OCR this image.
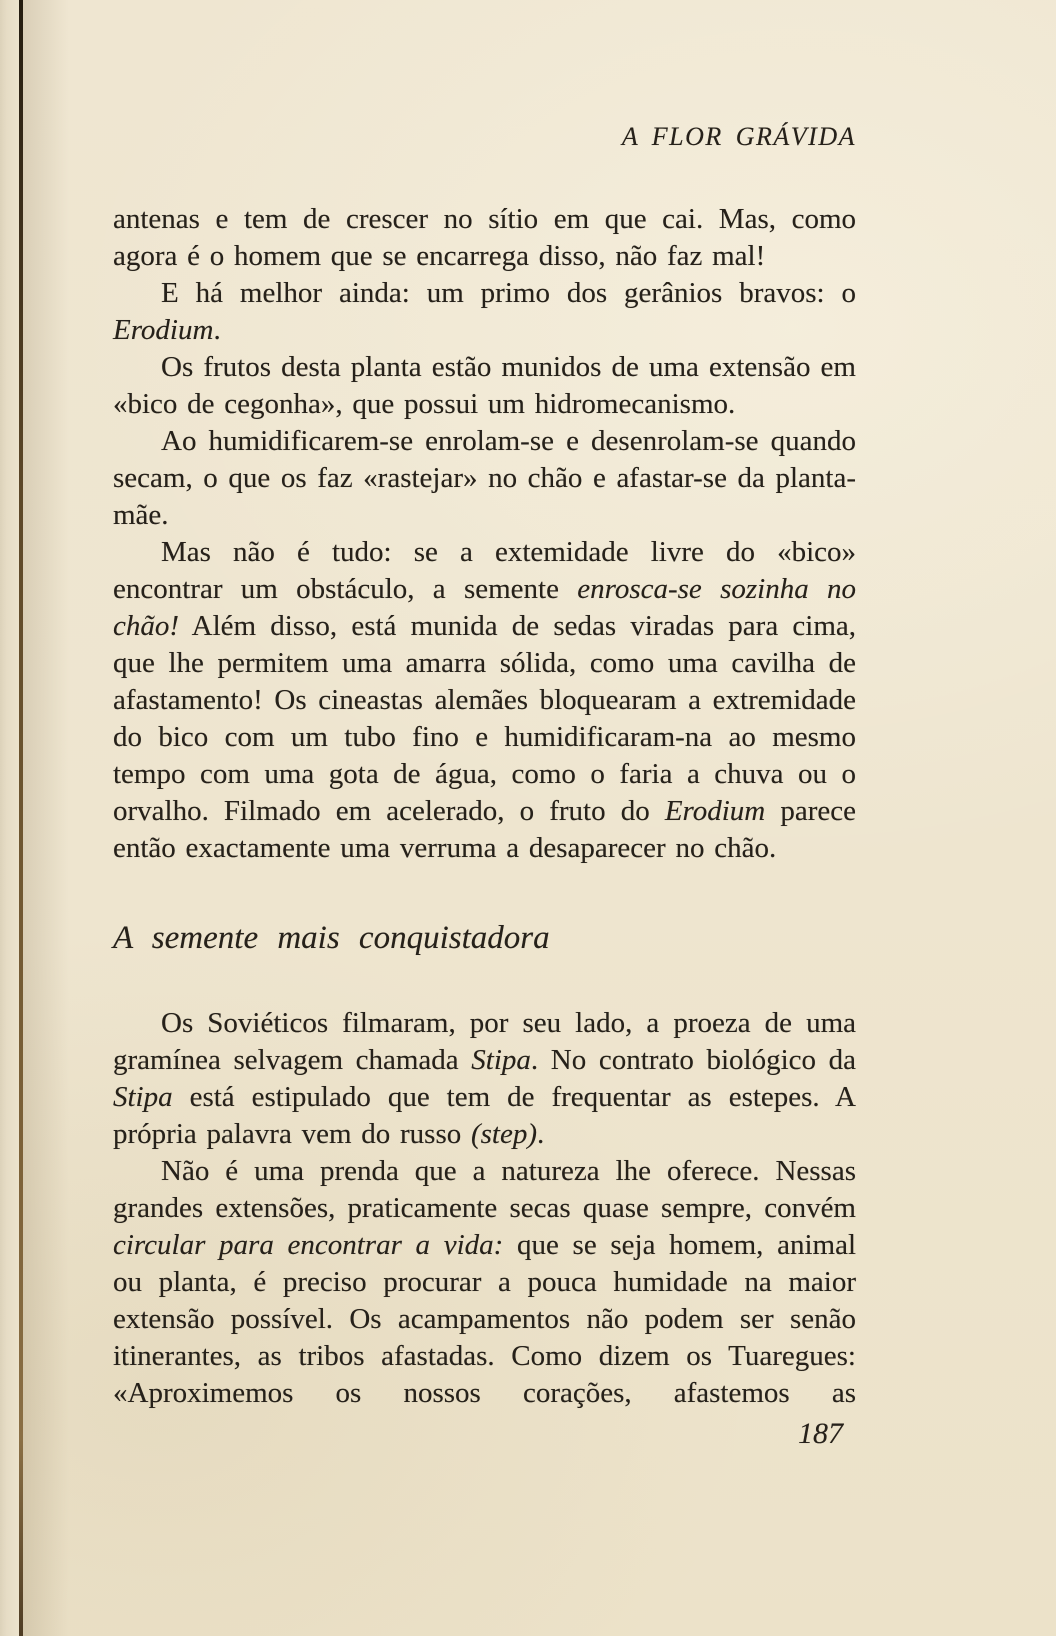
A FLOR GRÁVIDA

antenas e tem de crescer no sítio em que cai. Mas, como agora é o homem que se encarrega disso, não faz mal!

E há melhor ainda: um primo dos gerânios bravos: o Erodium.

Os frutos desta planta estão munidos de uma extensão em «bico de cegonha», que possui um hidromecanismo.

Ao humidificarem-se enrolam-se e desenrolam-se quando secam, o que os faz «rastejar» no chão e afastar-se da planta-mãe.

Mas não é tudo: se a extemidade livre do «bico» encontrar um obstáculo, a semente enrosca-se sozinha no chão! Além disso, está munida de sedas viradas para cima, que lhe permitem uma amarra sólida, como uma cavilha de afastamento! Os cineastas alemães bloquearam a extremidade do bico com um tubo fino e humidificaram-na ao mesmo tempo com uma gota de água, como o faria a chuva ou o orvalho. Filmado em acelerado, o fruto do Erodium parece então exactamente uma verruma a desaparecer no chão.

A semente mais conquistadora

Os Soviéticos filmaram, por seu lado, a proeza de uma gramínea selvagem chamada Stipa. No contrato biológico da Stipa está estipulado que tem de frequentar as estepes. A própria palavra vem do russo (step).

Não é uma prenda que a natureza lhe oferece. Nessas grandes extensões, praticamente secas quase sempre, convém circular para encontrar a vida: que se seja homem, animal ou planta, é preciso procurar a pouca humidade na maior extensão possível. Os acampamentos não podem ser senão itinerantes, as tribos afastadas. Como dizem os Tuaregues: «Aproximemos os nossos corações, afastemos as

187
